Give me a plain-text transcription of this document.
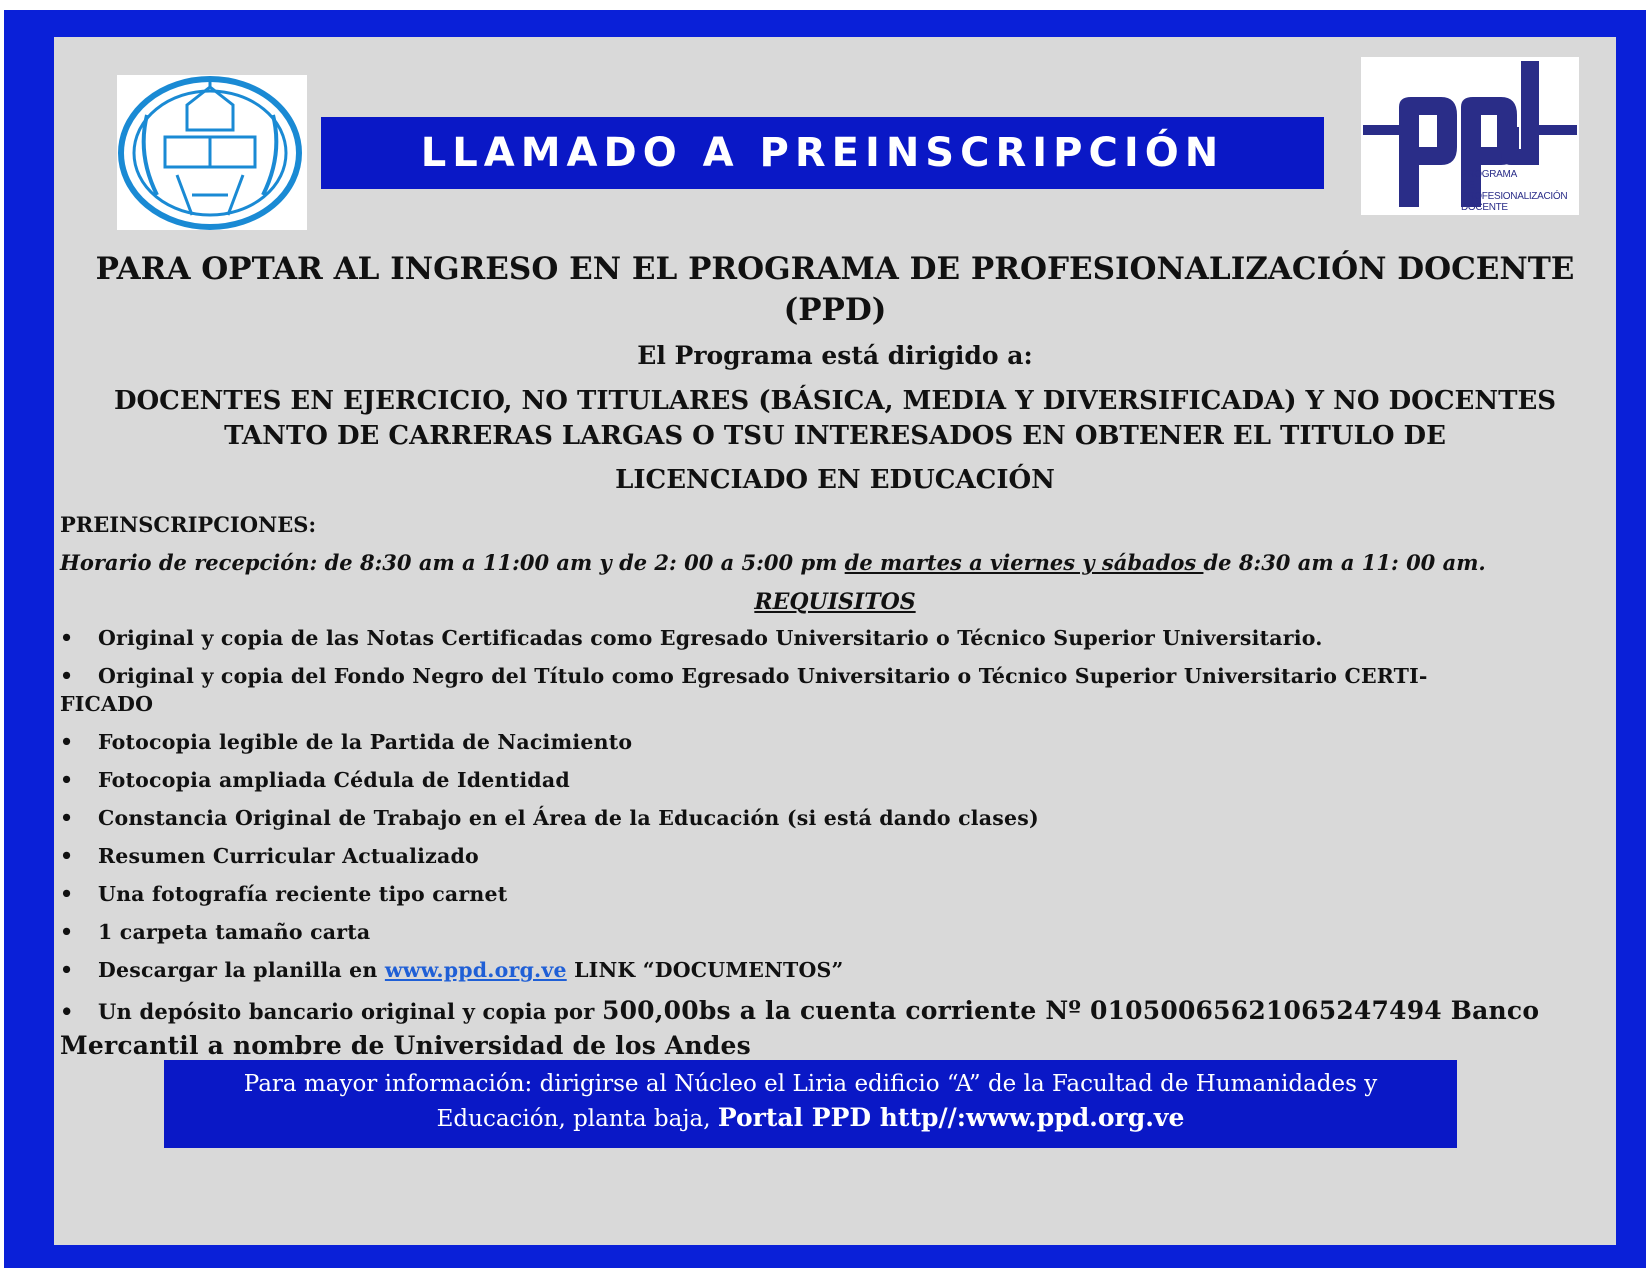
PROGRAMA
DE PROFESIONALIZACIÓN
DOCENTE
LLAMADO A PREINSCRIPCIÓN
PARA OPTAR AL INGRESO EN EL PROGRAMA DE PROFESIONALIZACIÓN DOCENTE
(PPD)
El Programa está dirigido a:
DOCENTES EN EJERCICIO, NO TITULARES (BÁSICA, MEDIA Y DIVERSIFICADA) Y NO DOCENTES
TANTO DE CARRERAS LARGAS O TSU INTERESADOS EN OBTENER EL TITULO DE
LICENCIADO EN EDUCACIÓN
PREINSCRIPCIONES:
Horario de recepción: de 8:30 am a 11:00 am y de 2: 00 a 5:00 pm de martes a viernes y sábados de 8:30 am a 11: 00 am.
REQUISITOS
• Original y copia de las Notas Certificadas como Egresado Universitario o Técnico Superior Universitario.
• Original y copia del Fondo Negro del Título como Egresado Universitario o Técnico Superior Universitario CERTI-
FICADO
• Fotocopia legible de la Partida de Nacimiento
• Fotocopia ampliada Cédula de Identidad
• Constancia Original de Trabajo en el Área de la Educación (si está dando clases)
• Resumen Curricular Actualizado
• Una fotografía reciente tipo carnet
• 1 carpeta tamaño carta
• Descargar la planilla en www.ppd.org.ve LINK “DOCUMENTOS”
• Un depósito bancario original y copia por 500,00bs a la cuenta corriente Nº 01050065621065247494 Banco
Mercantil a nombre de Universidad de los Andes
Para mayor información: dirigirse al Núcleo el Liria edificio “A” de la Facultad de Humanidades y
Educación, planta baja, Portal PPD http//:www.ppd.org.ve
